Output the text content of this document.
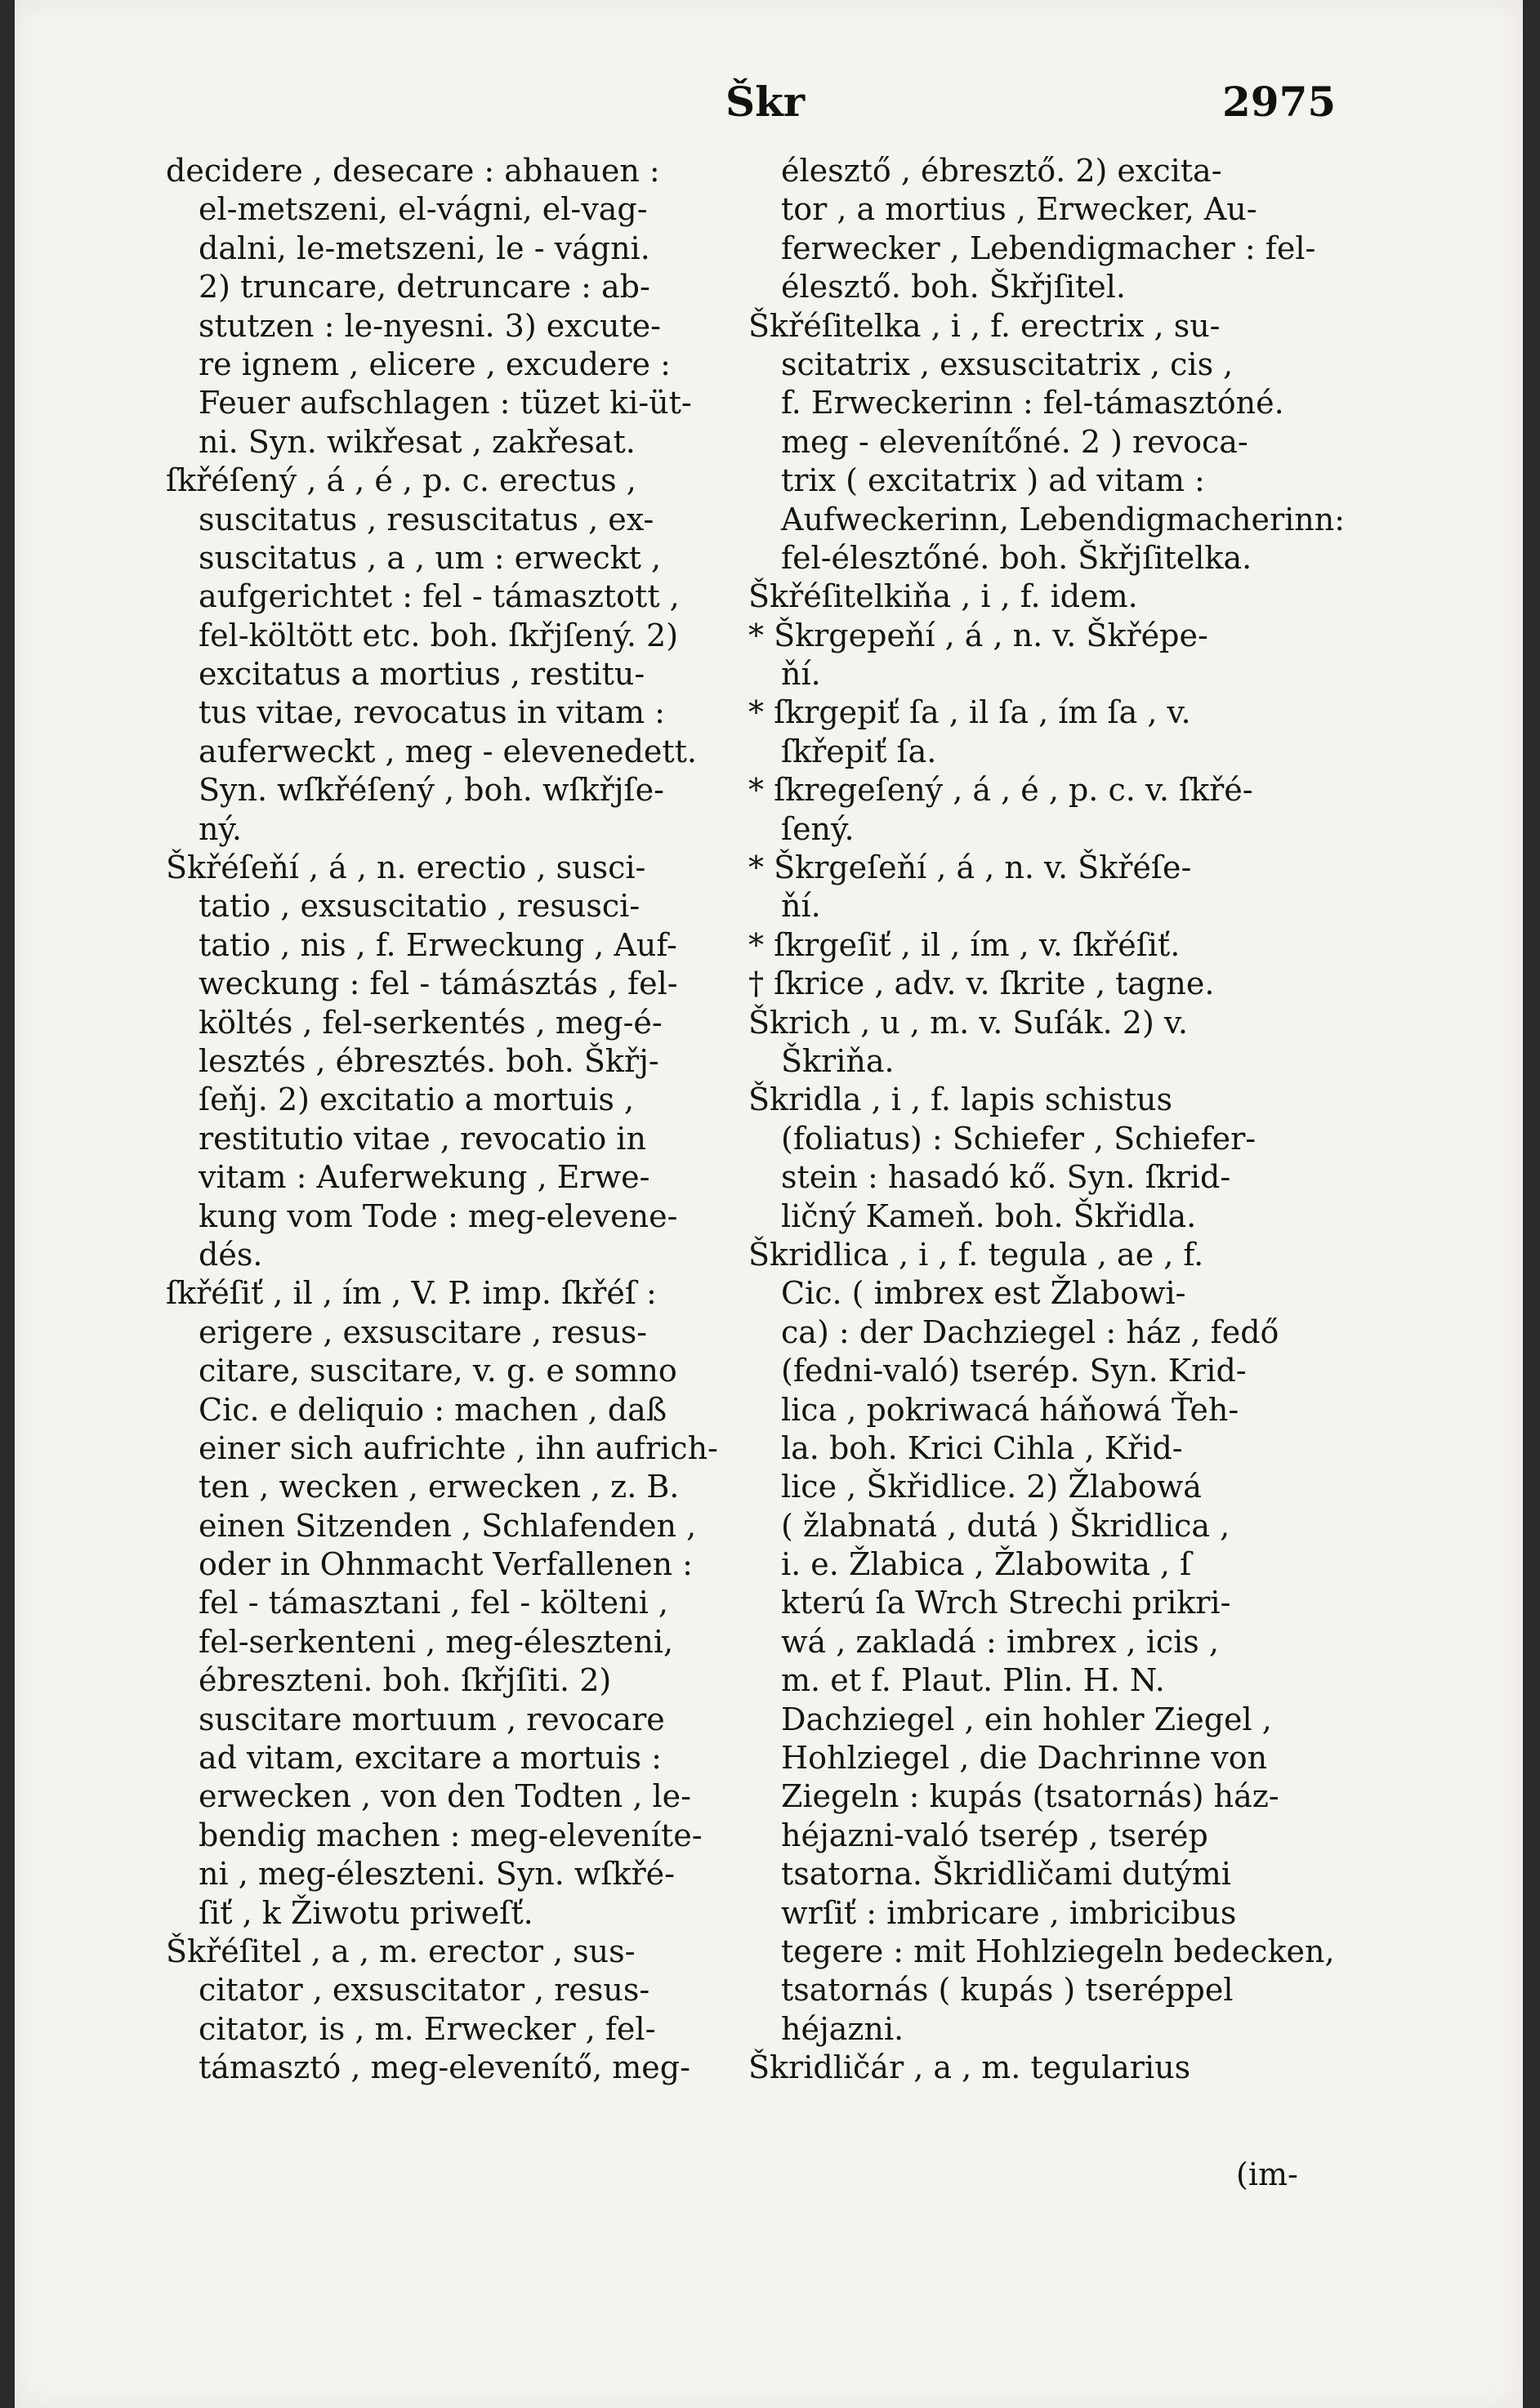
Škr	2975
decidere , desecare : abhauen :
el-metszeni, el-vágni, el-vag-
dalni, le-metszeni, le - vágni.
2) truncare, detruncare : ab-
stutzen : le-nyesni. 3) excute-
re ignem , elicere , excudere :
Feuer aufschlagen : tüzet ki-üt-
ni. Syn. wikřesat , zakřesat.
ſkřéſený , á , é , p. c. erectus ,
suscitatus , resuscitatus , ex-
suscitatus , a , um : erweckt ,
aufgerichtet : fel - támasztott ,
fel-költött etc. boh. ſkřjſený. 2)
excitatus a mortius , restitu-
tus vitae, revocatus in vitam :
auferweckt , meg - elevenedett.
Syn. wſkřéſený , boh. wſkřjſe-
ný.
Škřéſeňí , á , n. erectio , susci-
tatio , exsuscitatio , resusci-
tatio , nis , f. Erweckung , Auf-
weckung : fel - támásztás , fel-
költés , fel-serkentés , meg-é-
lesztés , ébresztés. boh. Škřj-
ſeňj. 2) excitatio a mortuis ,
restitutio vitae , revocatio in
vitam : Auferwekung , Erwe-
kung vom Tode : meg-elevene-
dés.
ſkřéſiť , il , ím , V. P. imp. ſkřéſ :
erigere , exsuscitare , resus-
citare, suscitare, v. g. e somno
Cic. e deliquio : machen , daß
einer sich aufrichte , ihn aufrich-
ten , wecken , erwecken , z. B.
einen Sitzenden , Schlafenden ,
oder in Ohnmacht Verfallenen :
fel - támasztani , fel - költeni ,
fel-serkenteni , meg-éleszteni,
ébreszteni. boh. ſkřjſiti. 2)
suscitare mortuum , revocare
ad vitam, excitare a mortuis :
erwecken , von den Todten , le-
bendig machen : meg-eleveníte-
ni , meg-éleszteni. Syn. wſkřé-
ſiť , k Žiwotu priweſť.
Škřéſitel , a , m. erector , sus-
citator , exsuscitator , resus-
citator, is , m. Erwecker , fel-
támasztó , meg-elevenítő, meg-
élesztő , ébresztő. 2) excita-
tor , a mortius , Erwecker, Au-
ferwecker , Lebendigmacher : fel-
élesztő. boh. Škřjſitel.
Škřéſitelka , i , f. erectrix , su-
scitatrix , exsuscitatrix , cis ,
f. Erweckerinn : fel-támasztóné.
meg - elevenítőné. 2 ) revoca-
trix ( excitatrix ) ad vitam :
Aufweckerinn, Lebendigmacherinn:
fel-élesztőné. boh. Škřjſitelka.
Škřéſitelkiňa , i , f. idem.
* Škrgepeňí , á , n. v. Škřépe-
ňí.
* ſkrgepiť ſa , il ſa , ím ſa , v.
ſkřepiť ſa.
* ſkregeſený , á , é , p. c. v. ſkřé-
ſený.
* Škrgeſeňí , á , n. v. Škřéſe-
ňí.
* ſkrgeſiť , il , ím , v. ſkřéſiť.
† ſkrice , adv. v. ſkrite , tagne.
Škrich , u , m. v. Suſák. 2) v.
Škriňa.
Škridla , i , f. lapis schistus
(foliatus) : Schiefer , Schiefer-
stein : hasadó kő. Syn. ſkrid-
ličný Kameň. boh. Škřidla.
Škridlica , i , f. tegula , ae , f.
Cic. ( imbrex est Žlabowi-
ca) : der Dachziegel : ház , fedő
(fedni-való) tserép. Syn. Krid-
lica , pokriwacá háňowá Ťeh-
la. boh. Krici Cihla , Křid-
lice , Škřidlice. 2) Žlabowá
( žlabnatá , dutá ) Škridlica ,
i. e. Žlabica , Žlabowita , ſ
kterú ſa Wrch Strechi prikri-
wá , zakladá : imbrex , icis ,
m. et f. Plaut. Plin. H. N.
Dachziegel , ein hohler Ziegel ,
Hohlziegel , die Dachrinne von
Ziegeln : kupás (tsatornás) ház-
héjazni-való tserép , tserép
tsatorna. Škridličami dutými
wrſiť : imbricare , imbricibus
tegere : mit Hohlziegeln bedecken,
tsatornás ( kupás ) tseréppel
héjazni.
Škridličár , a , m. tegularius
(im-
